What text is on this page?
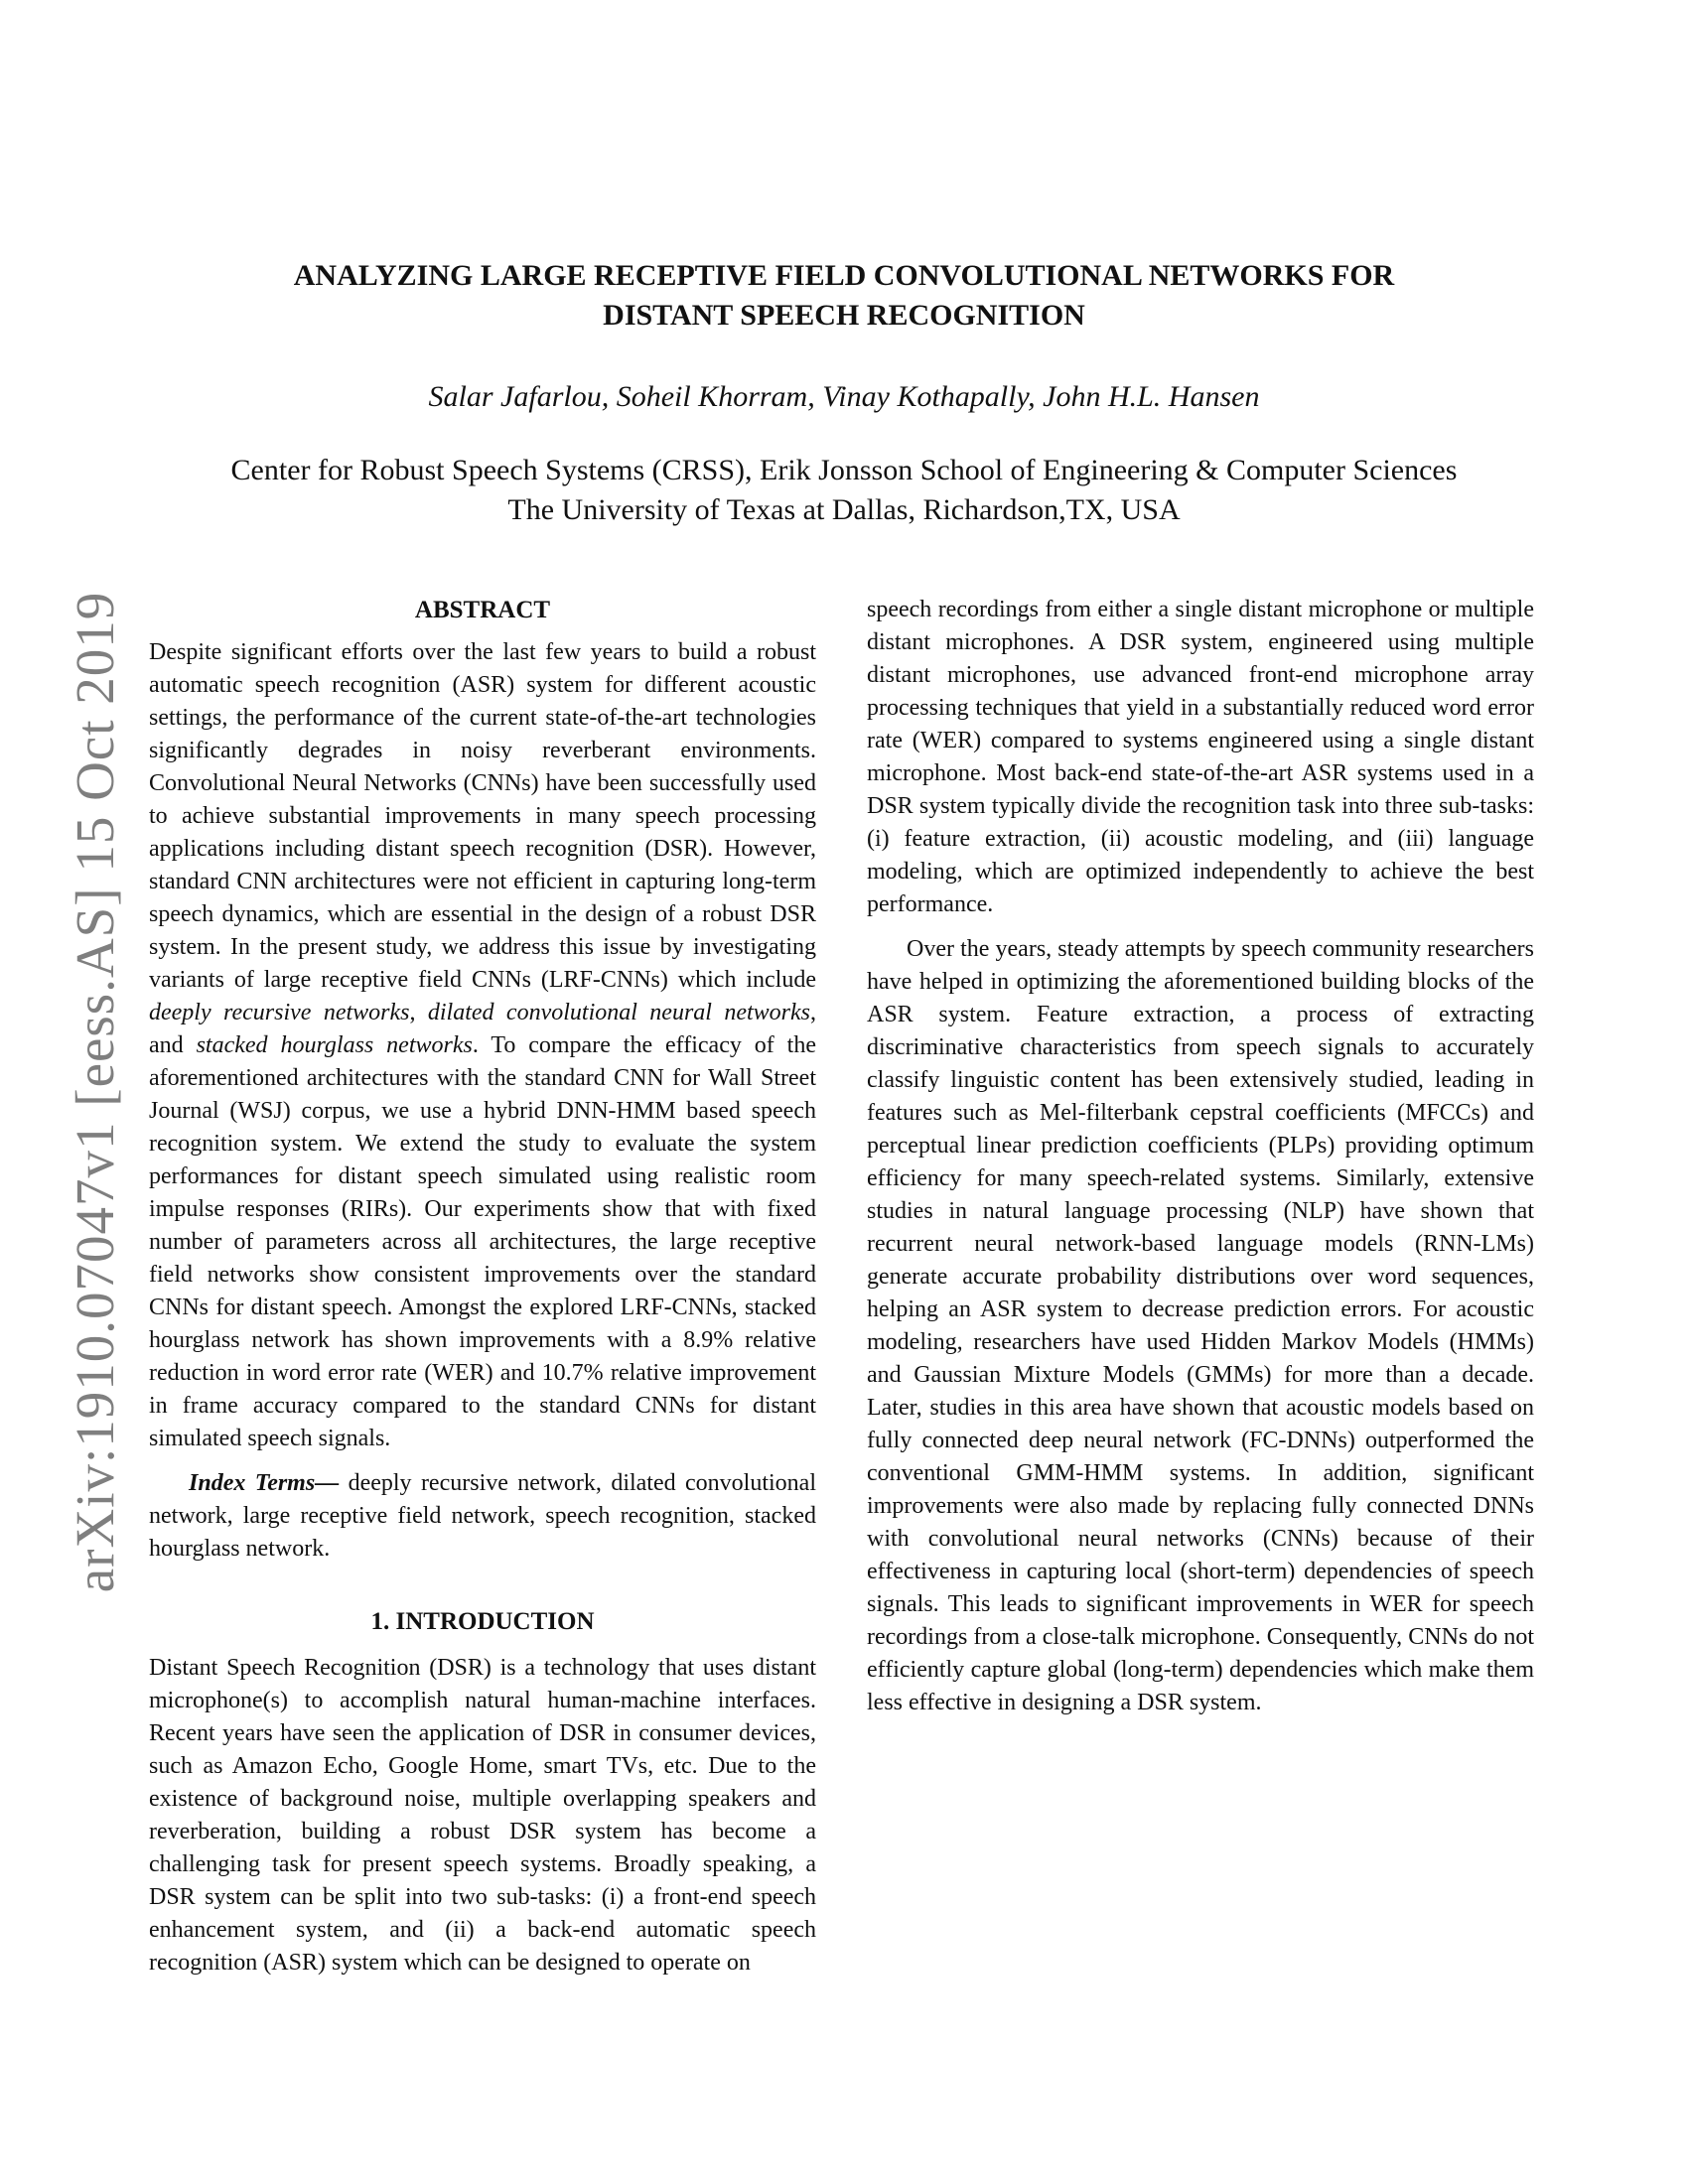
arXiv:1910.07047v1 [eess.AS] 15 Oct 2019
ANALYZING LARGE RECEPTIVE FIELD CONVOLUTIONAL NETWORKS FOR
DISTANT SPEECH RECOGNITION
Salar Jafarlou, Soheil Khorram, Vinay Kothapally, John H.L. Hansen
Center for Robust Speech Systems (CRSS), Erik Jonsson School of Engineering & Computer Sciences
The University of Texas at Dallas, Richardson,TX, USA
ABSTRACT

Despite significant efforts over the last few years to build a robust automatic speech recognition (ASR) system for different acoustic settings, the performance of the current state-of-the-art technologies significantly degrades in noisy reverberant environments. Convolutional Neural Networks (CNNs) have been successfully used to achieve substantial improvements in many speech processing applications including distant speech recognition (DSR). However, standard CNN architectures were not efficient in capturing long-term speech dynamics, which are essential in the design of a robust DSR system. In the present study, we address this issue by investigating variants of large receptive field CNNs (LRF-CNNs) which include deeply recursive networks, dilated convolutional neural networks, and stacked hourglass networks. To compare the efficacy of the aforementioned architectures with the standard CNN for Wall Street Journal (WSJ) corpus, we use a hybrid DNN-HMM based speech recognition system. We extend the study to evaluate the system performances for distant speech simulated using realistic room impulse responses (RIRs). Our experiments show that with fixed number of parameters across all architectures, the large receptive field networks show consistent improvements over the standard CNNs for distant speech. Amongst the explored LRF-CNNs, stacked hourglass network has shown improvements with a 8.9% relative reduction in word error rate (WER) and 10.7% relative improvement in frame accuracy compared to the standard CNNs for distant simulated speech signals.

Index Terms— deeply recursive network, dilated convolutional network, large receptive field network, speech recognition, stacked hourglass network.

1. INTRODUCTION

Distant Speech Recognition (DSR) is a technology that uses distant microphone(s) to accomplish natural human-machine interfaces. Recent years have seen the application of DSR in consumer devices, such as Amazon Echo, Google Home, smart TVs, etc. Due to the existence of background noise, multiple overlapping speakers and reverberation, building a robust DSR system has become a challenging task for present speech systems. Broadly speaking, a DSR system can be split into two sub-tasks: (i) a front-end speech enhancement system, and (ii) a back-end automatic speech recognition (ASR) system which can be designed to operate on

speech recordings from either a single distant microphone or multiple distant microphones. A DSR system, engineered using multiple distant microphones, use advanced front-end microphone array processing techniques that yield in a substantially reduced word error rate (WER) compared to systems engineered using a single distant microphone. Most back-end state-of-the-art ASR systems used in a DSR system typically divide the recognition task into three sub-tasks: (i) feature extraction, (ii) acoustic modeling, and (iii) language modeling, which are optimized independently to achieve the best performance.

Over the years, steady attempts by speech community researchers have helped in optimizing the aforementioned building blocks of the ASR system. Feature extraction, a process of extracting discriminative characteristics from speech signals to accurately classify linguistic content has been extensively studied, leading in features such as Mel-filterbank cepstral coefficients (MFCCs) and perceptual linear prediction coefficients (PLPs) providing optimum efficiency for many speech-related systems. Similarly, extensive studies in natural language processing (NLP) have shown that recurrent neural network-based language models (RNN-LMs) generate accurate probability distributions over word sequences, helping an ASR system to decrease prediction errors. For acoustic modeling, researchers have used Hidden Markov Models (HMMs) and Gaussian Mixture Models (GMMs) for more than a decade. Later, studies in this area have shown that acoustic models based on fully connected deep neural network (FC-DNNs) outperformed the conventional GMM-HMM systems. In addition, significant improvements were also made by replacing fully connected DNNs with convolutional neural networks (CNNs) because of their effectiveness in capturing local (short-term) dependencies of speech signals. This leads to significant improvements in WER for speech recordings from a close-talk microphone. Consequently, CNNs do not efficiently capture global (long-term) dependencies which make them less effective in designing a DSR system.
